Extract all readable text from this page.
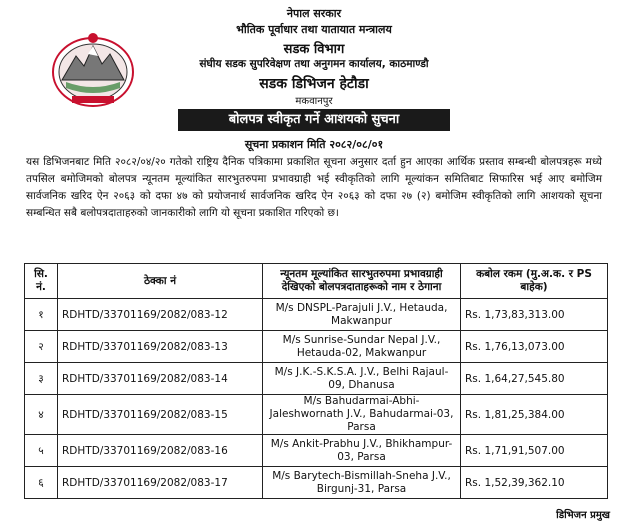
नेपाल सरकार
भौतिक पूर्वाधार तथा यातायात मन्त्रालय
सडक विभाग
संघीय सडक सुपरिवेक्षण तथा अनुगमन कार्यालय, काठमाण्डौ
सडक डिभिजन हेटौडा
मकवानपुर
बोलपत्र स्वीकृत गर्ने आशयको सुचना
सूचना प्रकाशन मिति २०८२/०८/०१
यस डिभिजनबाट मिति २०८२/०४/२० गतेको राष्ट्रिय दैनिक पत्रिकामा प्रकाशित सूचना अनुसार दर्ता हुन आएका आर्थिक प्रस्ताव सम्बन्धी बोलपत्रहरू मध्ये तपसिल बमोजिमको बोलपत्र न्यूनतम मूल्यांकित सारभुतरुपमा प्रभावग्राही भई स्वीकृतिको लागि मूल्यांकन समितिबाट सिफारिस भई आए बमोजिम सार्वजनिक खरिद ऐन २०६३ को दफा ४७ को प्रयोजनार्थ सार्वजनिक खरिद ऐन २०६३ को दफा २७ (२) बमोजिम स्वीकृतिको लागि आशयको सूचना सम्बन्धित सबै बलोपत्रदाताहरुको जानकारीको लागि यो सूचना प्रकाशित गरिएको छ।
सि. नं.	ठेक्का नं	न्यूनतम मूल्यांकित सारभुतरुपमा प्रभावग्राही देखिएको बोलपत्रदाताहरूको नाम र ठेगाना	कबोल रकम (मु.अ.क. र PS बाहेक)
१	RDHTD/33701169/2082/083-12	M/s DNSPL-Parajuli J.V., Hetauda, Makwanpur	Rs. 1,73,83,313.00
२	RDHTD/33701169/2082/083-13	M/s Sunrise-Sundar Nepal J.V., Hetauda-02, Makwanpur	Rs. 1,76,13,073.00
३	RDHTD/33701169/2082/083-14	M/s J.K.-S.K.S.A. J.V., Belhi Rajaul-09, Dhanusa	Rs. 1,64,27,545.80
४	RDHTD/33701169/2082/083-15	M/s Bahudarmai-Abhi-Jaleshwornath J.V., Bahudarmai-03, Parsa	Rs. 1,81,25,384.00
५	RDHTD/33701169/2082/083-16	M/s Ankit-Prabhu J.V., Bhikhampur-03, Parsa	Rs. 1,71,91,507.00
६	RDHTD/33701169/2082/083-17	M/s Barytech-Bismillah-Sneha J.V., Birgunj-31, Parsa	Rs. 1,52,39,362.10
डिभिजन प्रमुख
